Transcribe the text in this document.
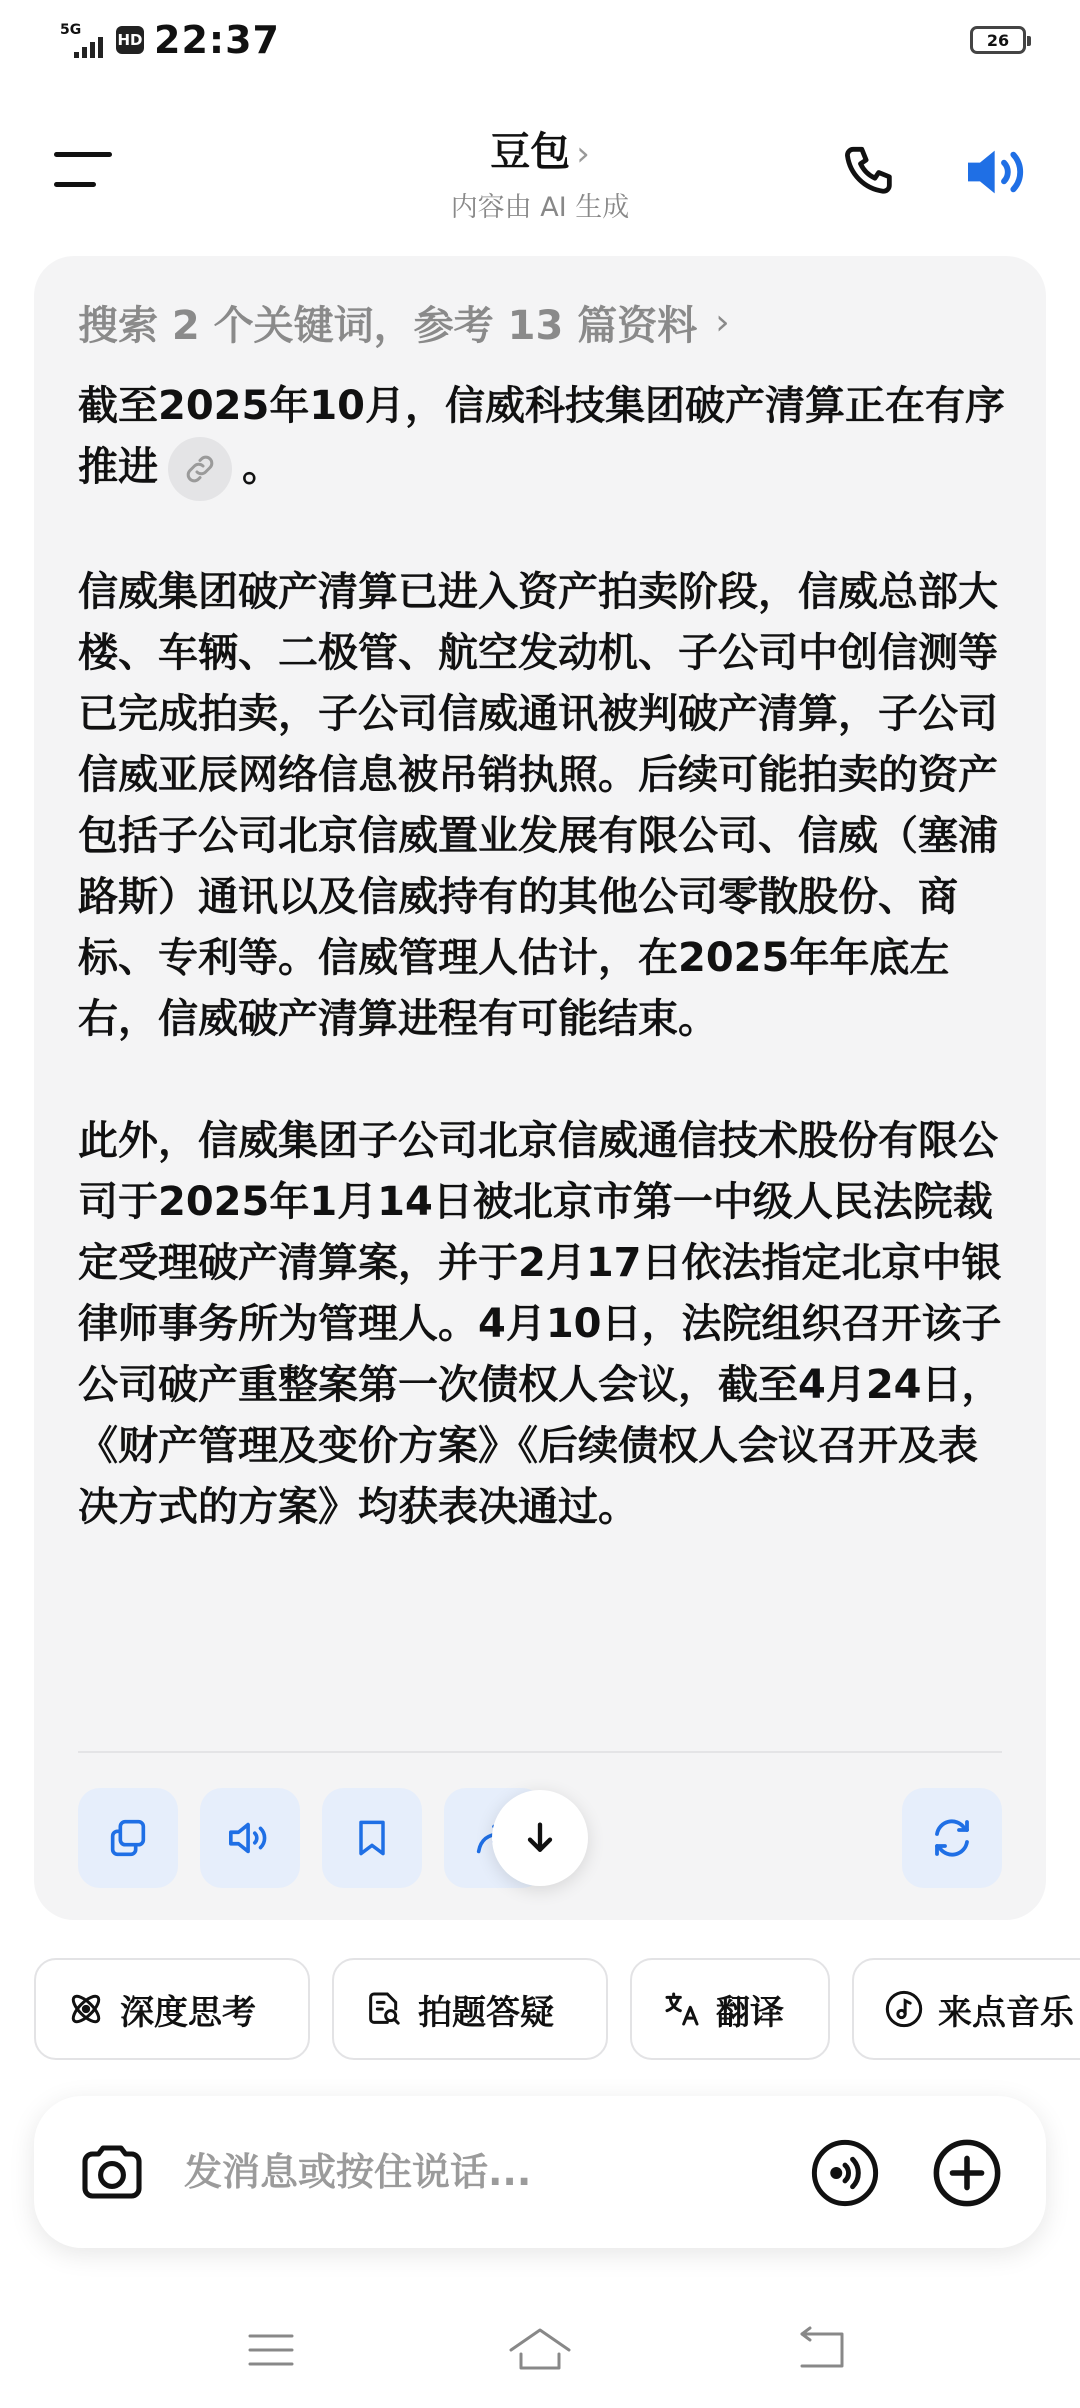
5G
HD 22:37	26
豆包 ›
内容由 AI 生成
搜索 2 个关键词，参考 13 篇资料 ›

截至2025年10月，信威科技集团破产清算正在有序推进 。

信威集团破产清算已进入资产拍卖阶段，信威总部大楼、车辆、二极管、航空发动机、子公司中创信测等已完成拍卖，子公司信威通讯被判破产清算，子公司信威亚辰网络信息被吊销执照。后续可能拍卖的资产包括子公司北京信威置业发展有限公司、信威（塞浦路斯）通讯以及信威持有的其他公司零散股份、商标、专利等。信威管理人估计，在2025年年底左右，信威破产清算进程有可能结束。

此外，信威集团子公司北京信威通信技术股份有限公司于2025年1月14日被北京市第一中级人民法院裁定受理破产清算案，并于2月17日依法指定北京中银律师事务所为管理人。4月10日，法院组织召开该子公司破产重整案第一次债权人会议，截至4月24日，《财产管理及变价方案》《后续债权人会议召开及表决方式的方案》均获表决通过。

深度思考	拍题答疑	翻译	来点音乐
发消息或按住说话...
